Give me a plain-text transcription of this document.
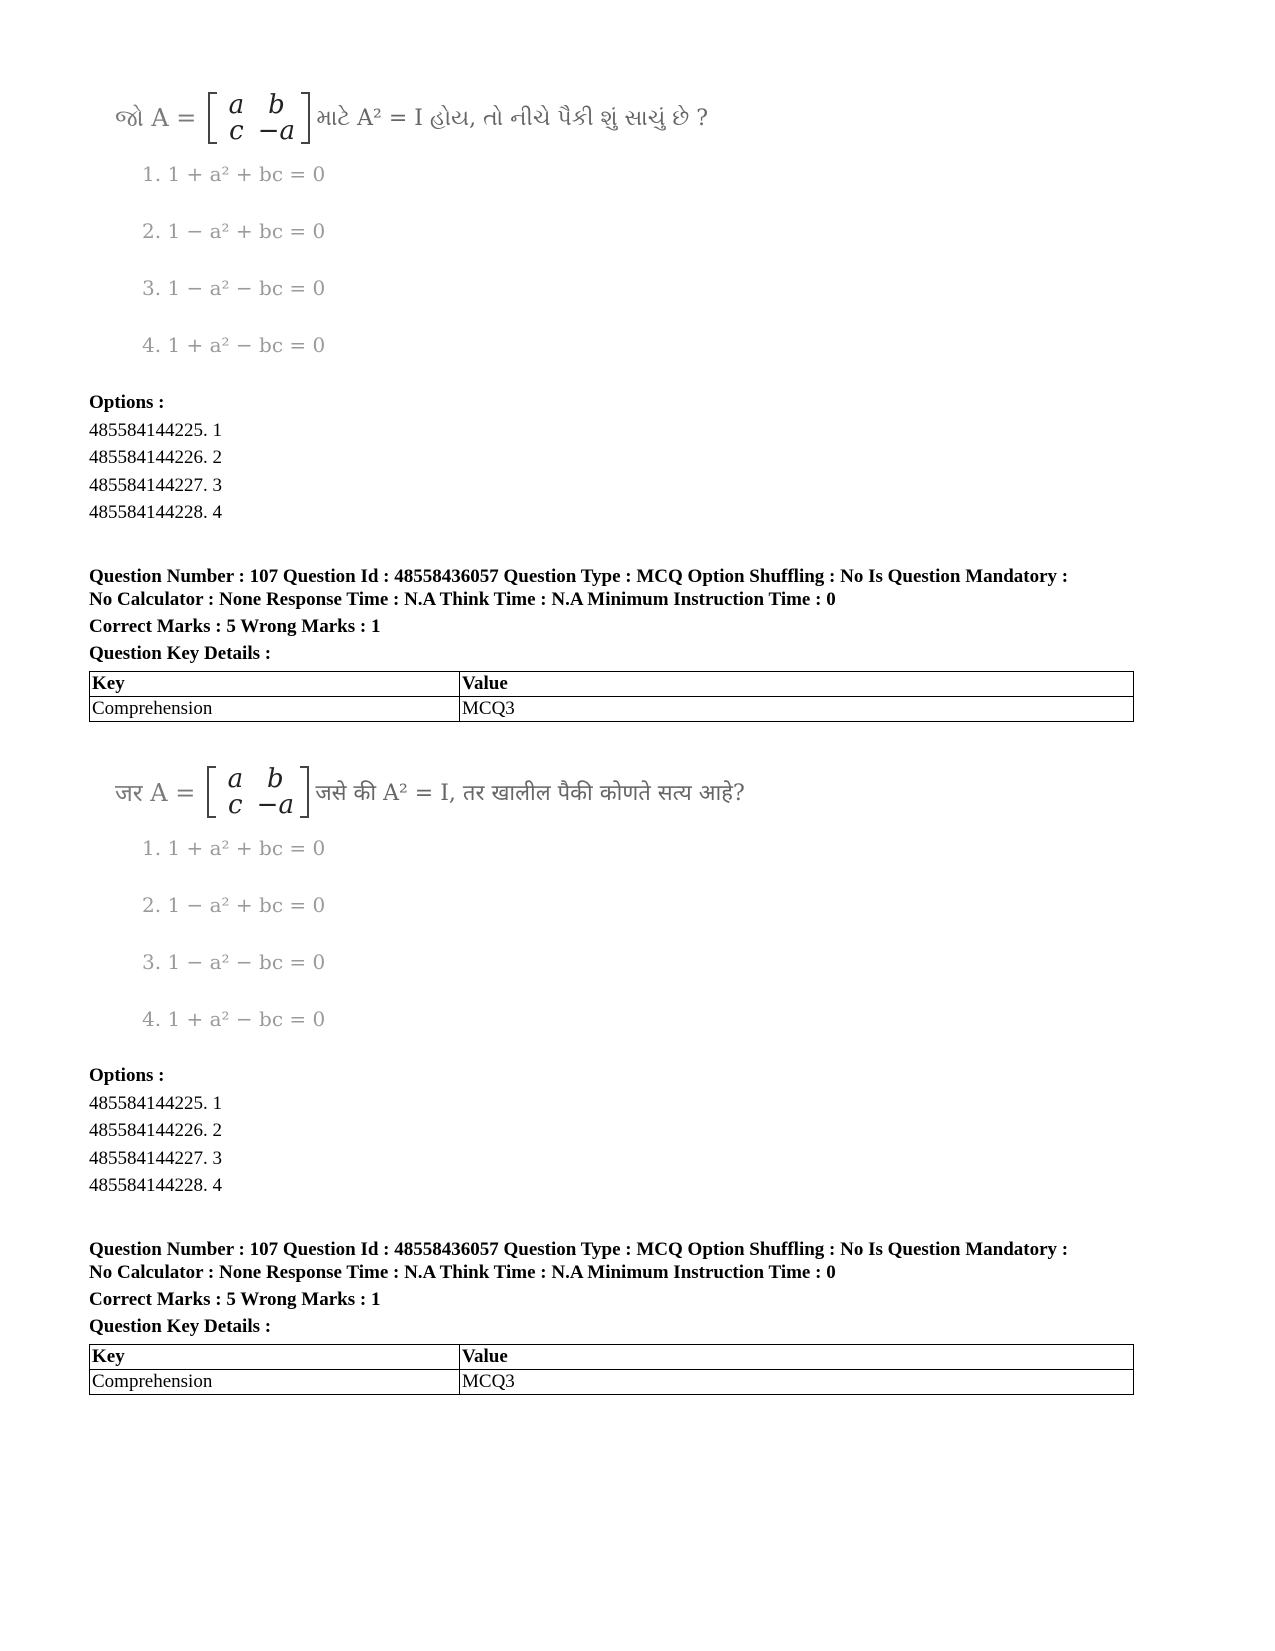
જો A =	a b
c −a માટે A² = I હોય, તો નીચે પૈકી શું સાચું છે ?
1. 1 + a² + bc = 0
2. 1 − a² + bc = 0
3. 1 − a² − bc = 0
4. 1 + a² − bc = 0
Options :
485584144225. 1
485584144226. 2
485584144227. 3
485584144228. 4
Question Number : 107 Question Id : 48558436057 Question Type : MCQ Option Shuffling : No Is Question Mandatory :
No Calculator : None Response Time : N.A Think Time : N.A Minimum Instruction Time : 0
Correct Marks : 5 Wrong Marks : 1
Question Key Details :
Key	Value
Comprehension	MCQ3
जर A =	a b
c −a जसे की A² = I, तर खालील पैकी कोणते सत्य आहे?
1. 1 + a² + bc = 0
2. 1 − a² + bc = 0
3. 1 − a² − bc = 0
4. 1 + a² − bc = 0
Options :
485584144225. 1
485584144226. 2
485584144227. 3
485584144228. 4
Question Number : 107 Question Id : 48558436057 Question Type : MCQ Option Shuffling : No Is Question Mandatory :
No Calculator : None Response Time : N.A Think Time : N.A Minimum Instruction Time : 0
Correct Marks : 5 Wrong Marks : 1
Question Key Details :
Key	Value
Comprehension	MCQ3
